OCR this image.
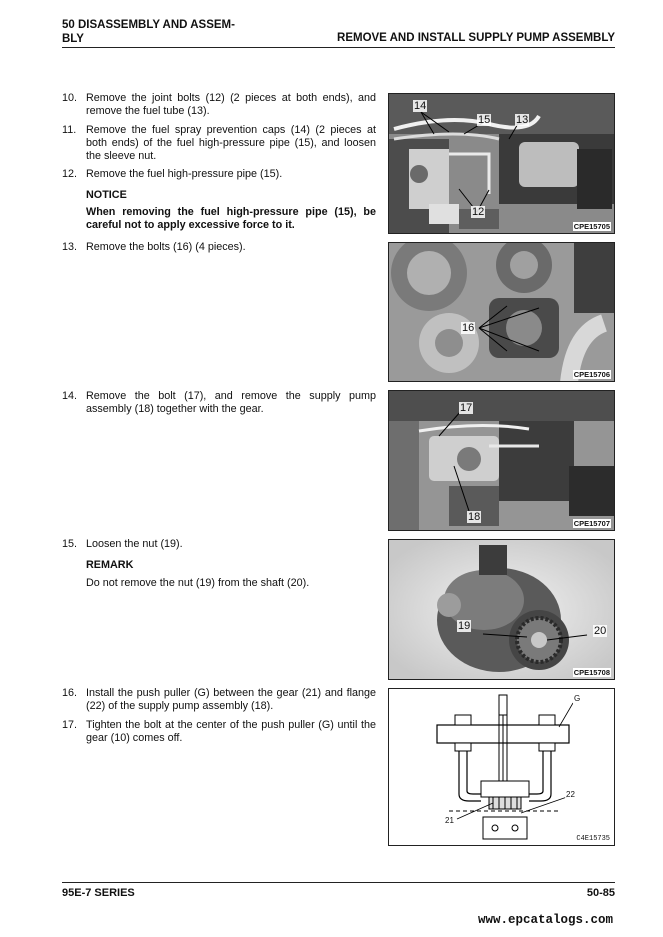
50 DISASSEMBLY AND ASSEM-
BLY	REMOVE AND INSTALL SUPPLY PUMP ASSEMBLY
10. Remove the joint bolts (12) (2 pieces at both ends), and remove the fuel tube (13).
11. Remove the fuel spray prevention caps (14) (2 pieces at both ends) of the fuel high-pressure pipe (15), and loosen the sleeve nut.
12. Remove the fuel high-pressure pipe (15).
NOTICE
When removing the fuel high-pressure pipe (15), be careful not to apply excessive force to it.
13. Remove the bolts (16) (4 pieces).
14. Remove the bolt (17), and remove the supply pump assembly (18) together with the gear.
15. Loosen the nut (19).
REMARK
Do not remove the nut (19) from the shaft (20).
16. Install the push puller (G) between the gear (21) and flange (22) of the supply pump assembly (18).
17. Tighten the bolt at the center of the push puller (G) until the gear (10) comes off.
14
15 13
12
CPE15705
16
CPE15706
17
18
CPE15707
19	20
CPE15708
G
21
22
C4E15735
95E-7 SERIES	50-85
www.epcatalogs.com
